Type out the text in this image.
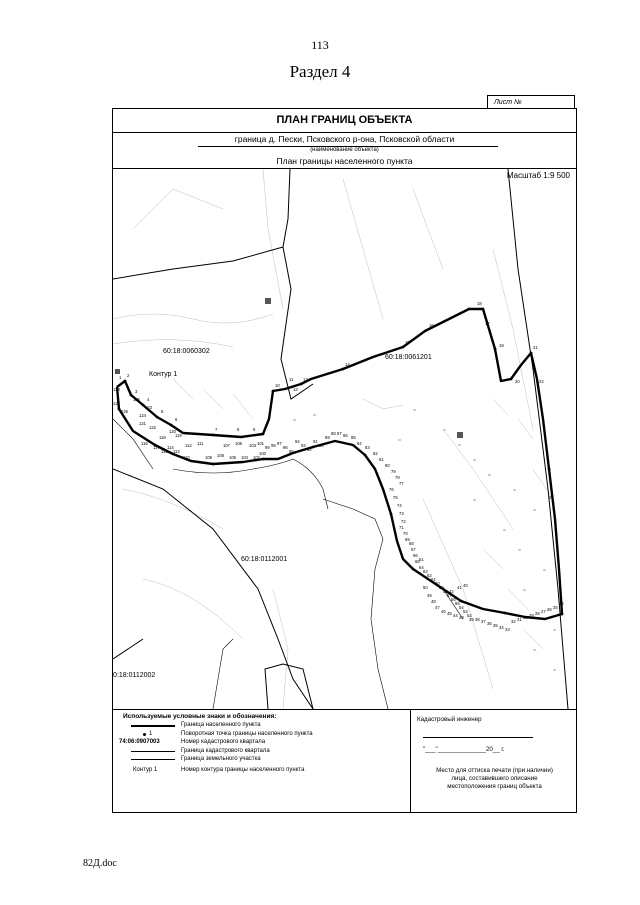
113
Раздел 4
Лист №
ПЛАН ГРАНИЦ ОБЪЕКТА
граница д. Пески, Псковского р-она, Псковской области
(наименование объекта)
План границы населенного пункта
60:18:0060302
60:18:0061201
60:18:0112001
0:18:0112002
Контур 1
1 2
3
4
5
6
7	8	9
10
11 12
13
14
15
16	17
18
19
20
21
22
99 98 97
96
95
94
93
92
91
90
89
88 87 86 85
84
83
82
81
80
79
78
77
76
75
74
73
72
71
70
69
68
67
66
65
64
63
62
61
60
59
58
57
56
55
54
53
52
51
50
49
48
47
46 45 44 43
42
41 40
39 38 37 36 35 34 33
32 31 30 29 28 27 26 25
24
23
128
127
126
125
124
123
122
121
120
119
118
117
116
115
114
113
112 111
110	109 108
107 106
105 104
103
102
101
100
Масштаб 1:9 500
Используемые условные знаки и обозначения:
Граница населенного пункта
1	Поворотная точка границы населенного пункта
74:06:0907003	Номер кадастрового квартала
Граница кадастрового квартала
Граница земельного участка
Контур 1	Номер контура границы населенного пункта
Кадастровый инженер
"___"______________20__ г.
Место для оттиска печати (при наличии)
лица, составившего описание
местоположения границ объекта
82Д.doc
